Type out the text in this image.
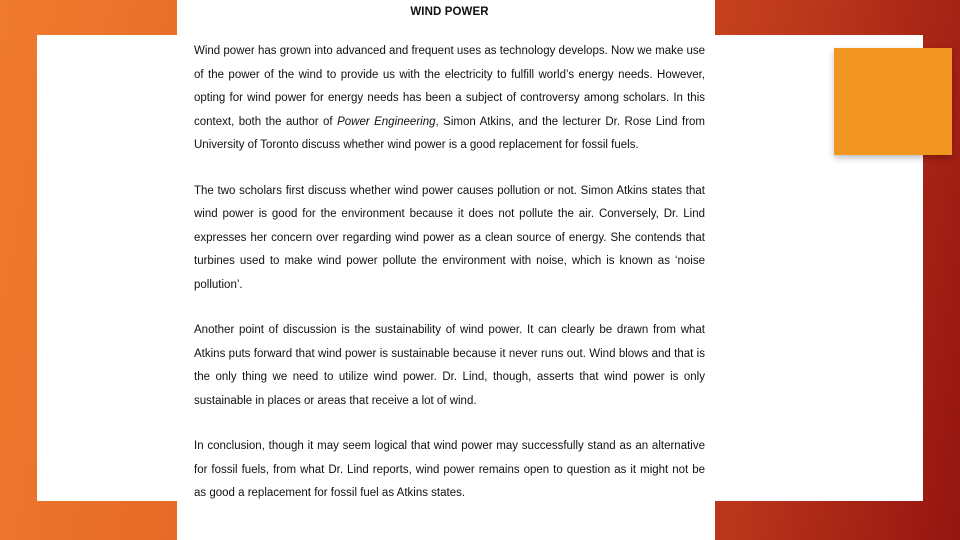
WIND POWER

Wind power has grown into advanced and frequent uses as technology develops. Now we make use of the power of the wind to provide us with the electricity to fulfill world’s energy needs. However, opting for wind power for energy needs has been a subject of controversy among scholars. In this context, both the author of Power Engineering, Simon Atkins, and the lecturer Dr. Rose Lind from University of Toronto discuss whether wind power is a good replacement for fossil fuels.

The two scholars first discuss whether wind power causes pollution or not. Simon Atkins states that wind power is good for the environment because it does not pollute the air. Conversely, Dr. Lind expresses her concern over regarding wind power as a clean source of energy. She contends that turbines used to make wind power pollute the environment with noise, which is known as ‘noise pollution’.

Another point of discussion is the sustainability of wind power. It can clearly be drawn from what Atkins puts forward that wind power is sustainable because it never runs out. Wind blows and that is the only thing we need to utilize wind power. Dr. Lind, though, asserts that wind power is only sustainable in places or areas that receive a lot of wind.

In conclusion, though it may seem logical that wind power may successfully stand as an alternative for fossil fuels, from what Dr. Lind reports, wind power remains open to question as it might not be as good a replacement for fossil fuel as Atkins states.
